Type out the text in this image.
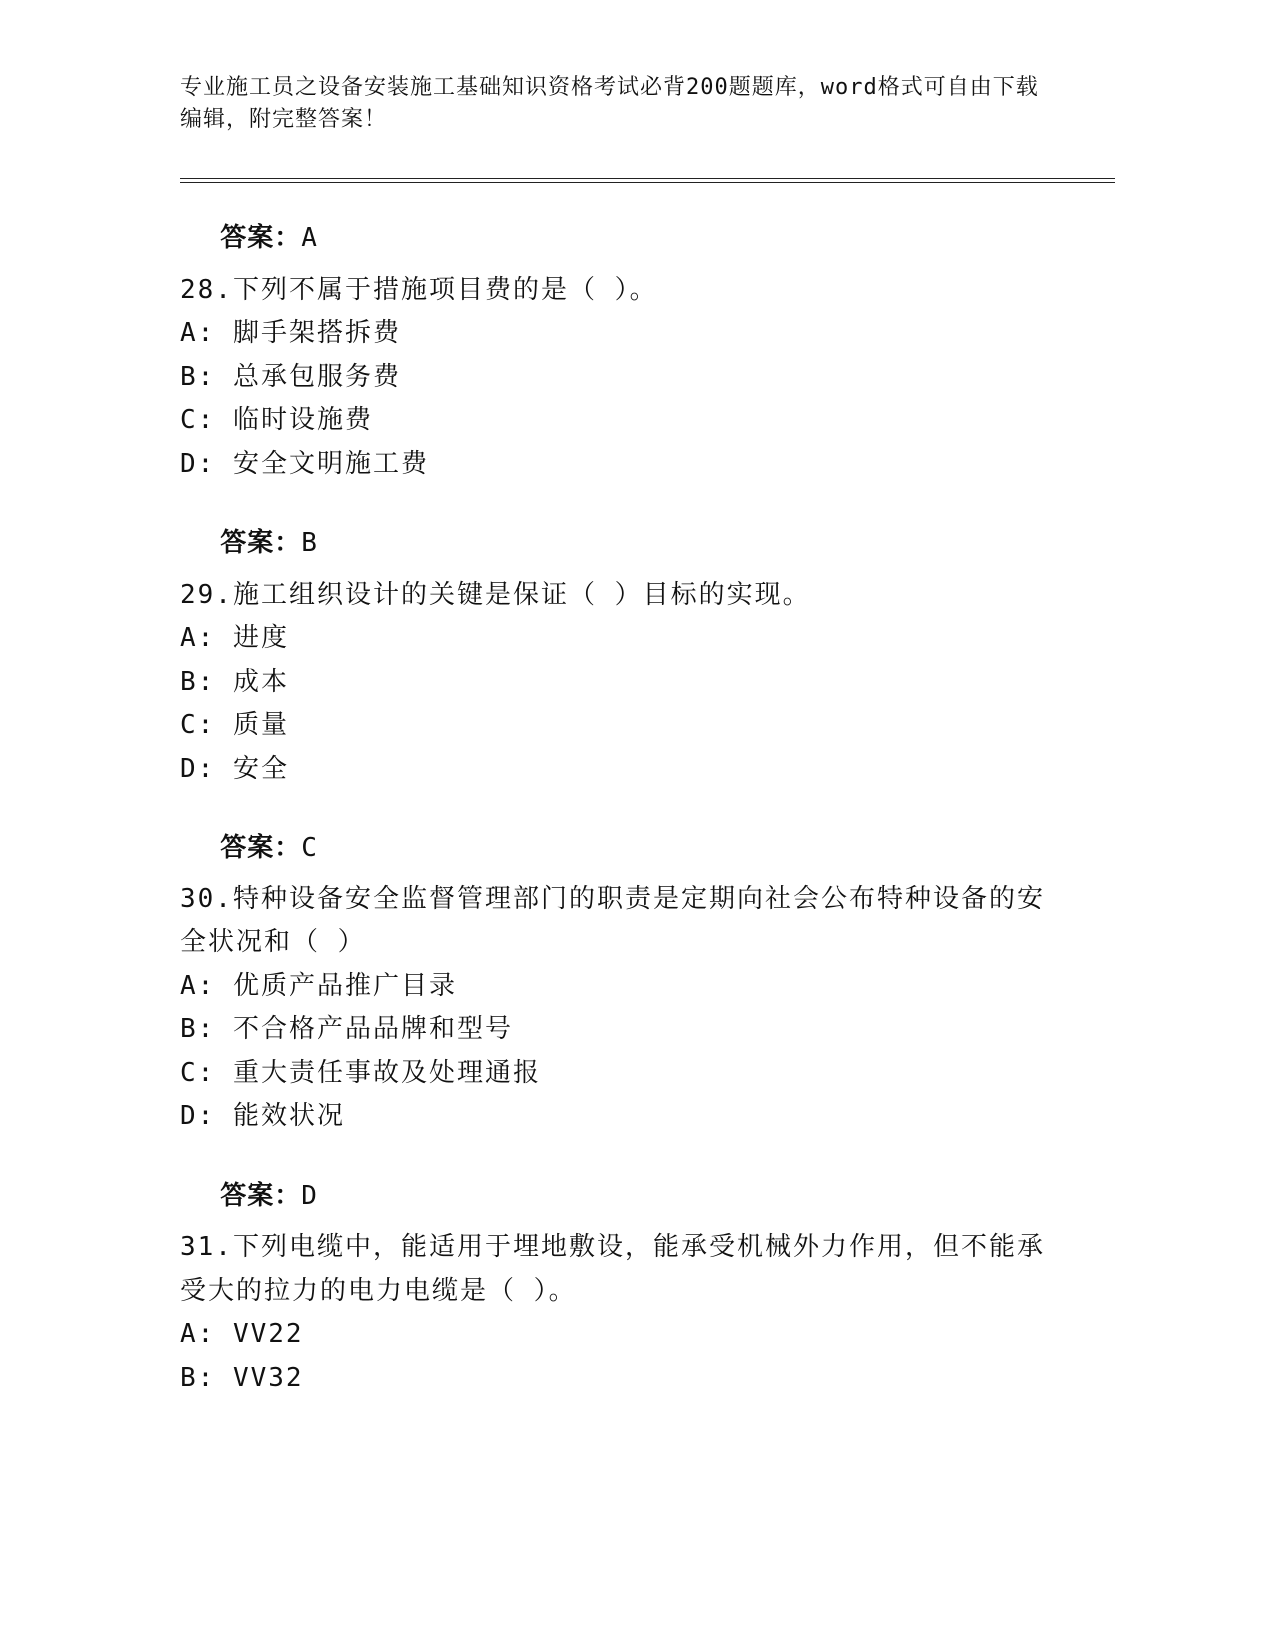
专业施工员之设备安装施工基础知识资格考试必背200题题库，word格式可自由下载编辑，附完整答案！

答案：A

28.下列不属于措施项目费的是（ ）。
A: 脚手架搭拆费
B: 总承包服务费
C: 临时设施费
D: 安全文明施工费

答案：B

29.施工组织设计的关键是保证（ ）目标的实现。
A: 进度
B: 成本
C: 质量
D: 安全

答案：C

30.特种设备安全监督管理部门的职责是定期向社会公布特种设备的安
全状况和（ ）
A: 优质产品推广目录
B: 不合格产品品牌和型号
C: 重大责任事故及处理通报
D: 能效状况

答案：D

31.下列电缆中，能适用于埋地敷设，能承受机械外力作用，但不能承
受大的拉力的电力电缆是（ ）。
A: VV22
B: VV32
